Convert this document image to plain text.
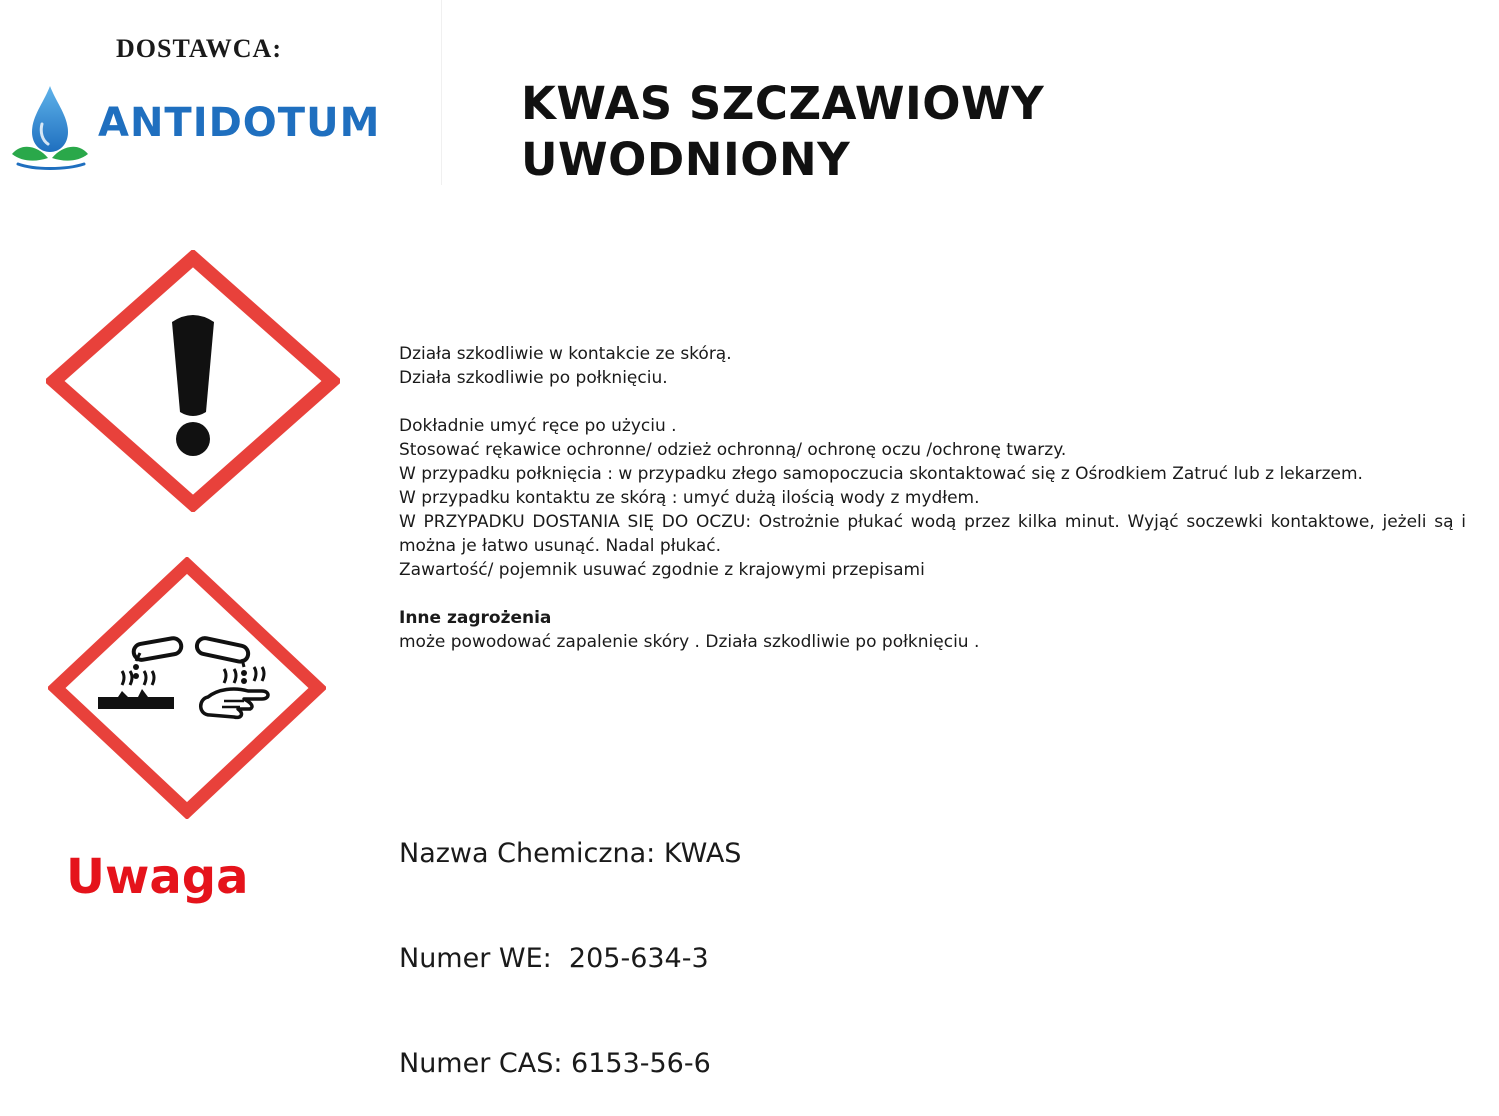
DOSTAWCA:
ANTIDOTUM	KWAS SZCZAWIOWY
UWODNIONY
Uwaga

Działa szkodliwie w kontakcie ze skórą.

Działa szkodliwie po połknięciu.

Dokładnie umyć ręce po użyciu .

Stosować rękawice ochronne/ odzież ochronną/ ochronę oczu /ochronę twarzy.

W przypadku połknięcia : w przypadku złego samopoczucia skontaktować się z Ośrodkiem Zatruć lub z lekarzem.

W przypadku kontaktu ze skórą : umyć dużą ilością wody z mydłem.

W PRZYPADKU DOSTANIA SIĘ DO OCZU: Ostrożnie płukać wodą przez kilka minut. Wyjąć soczewki kontaktowe, jeżeli są i można je łatwo usunąć. Nadal płukać.

Zawartość/ pojemnik usuwać zgodnie z krajowymi przepisami

Inne zagrożenia

może powodować zapalenie skóry . Działa szkodliwie po połknięciu .

Nazwa Chemiczna: KWAS

Numer WE:  205-634-3

Numer CAS: 6153-56-6
